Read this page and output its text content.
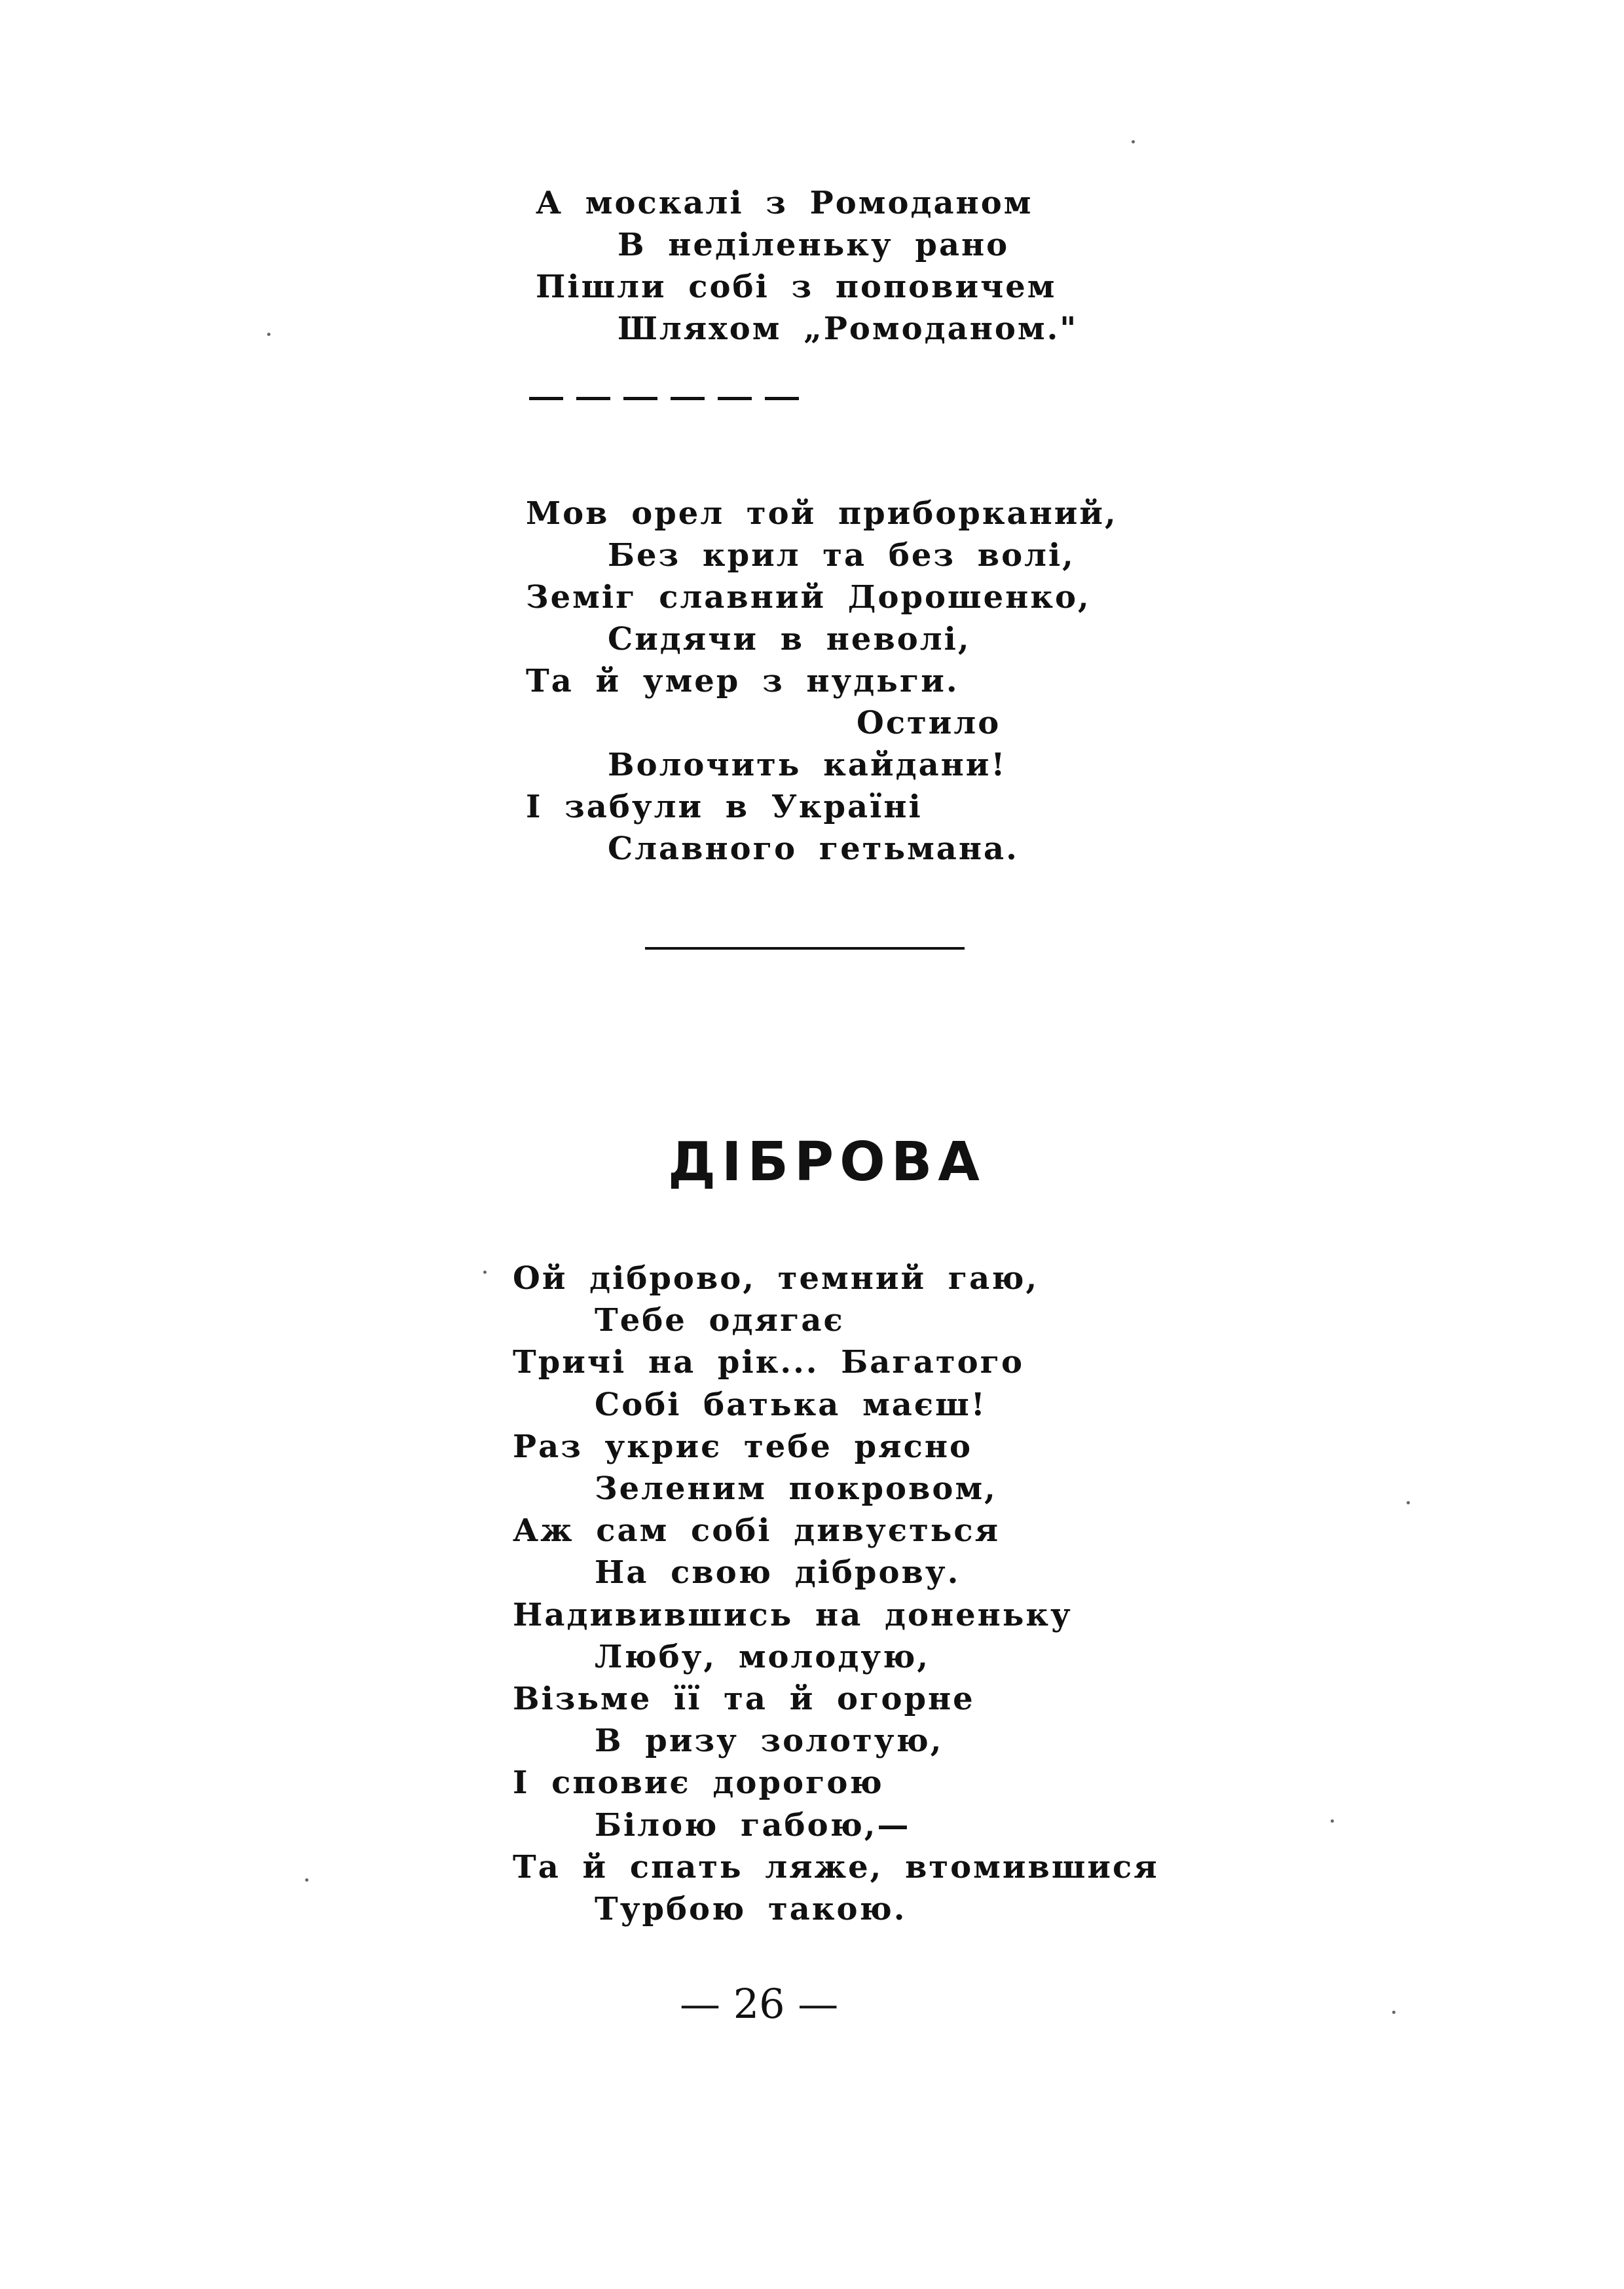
А москалі з Ромоданом
В неділеньку рано
Пішли собі з поповичем
Шляхом „Ромоданом."
Мов орел той приборканий,
Без крил та без волі,
Земіг славний Дорошенко,
Сидячи в неволі,
Та й умер з нудьги.
Остило
Волочить кайдани!
І забули в Україні
Славного гетьмана.
ДІБРОВА
Ой діброво, темний гаю,
Тебе одягає
Тричі на рік... Багатого
Собі батька маєш!
Раз укриє тебе рясно
Зеленим покровом,
Аж сам собі дивується
На свою діброву.
Надивившись на доненьку
Любу, молодую,
Візьме її та й огорне
В ризу золотую,
І сповиє дорогою
Білою габою,—
Та й спать ляже, втомившися
Турбою такою.
— 26 —
